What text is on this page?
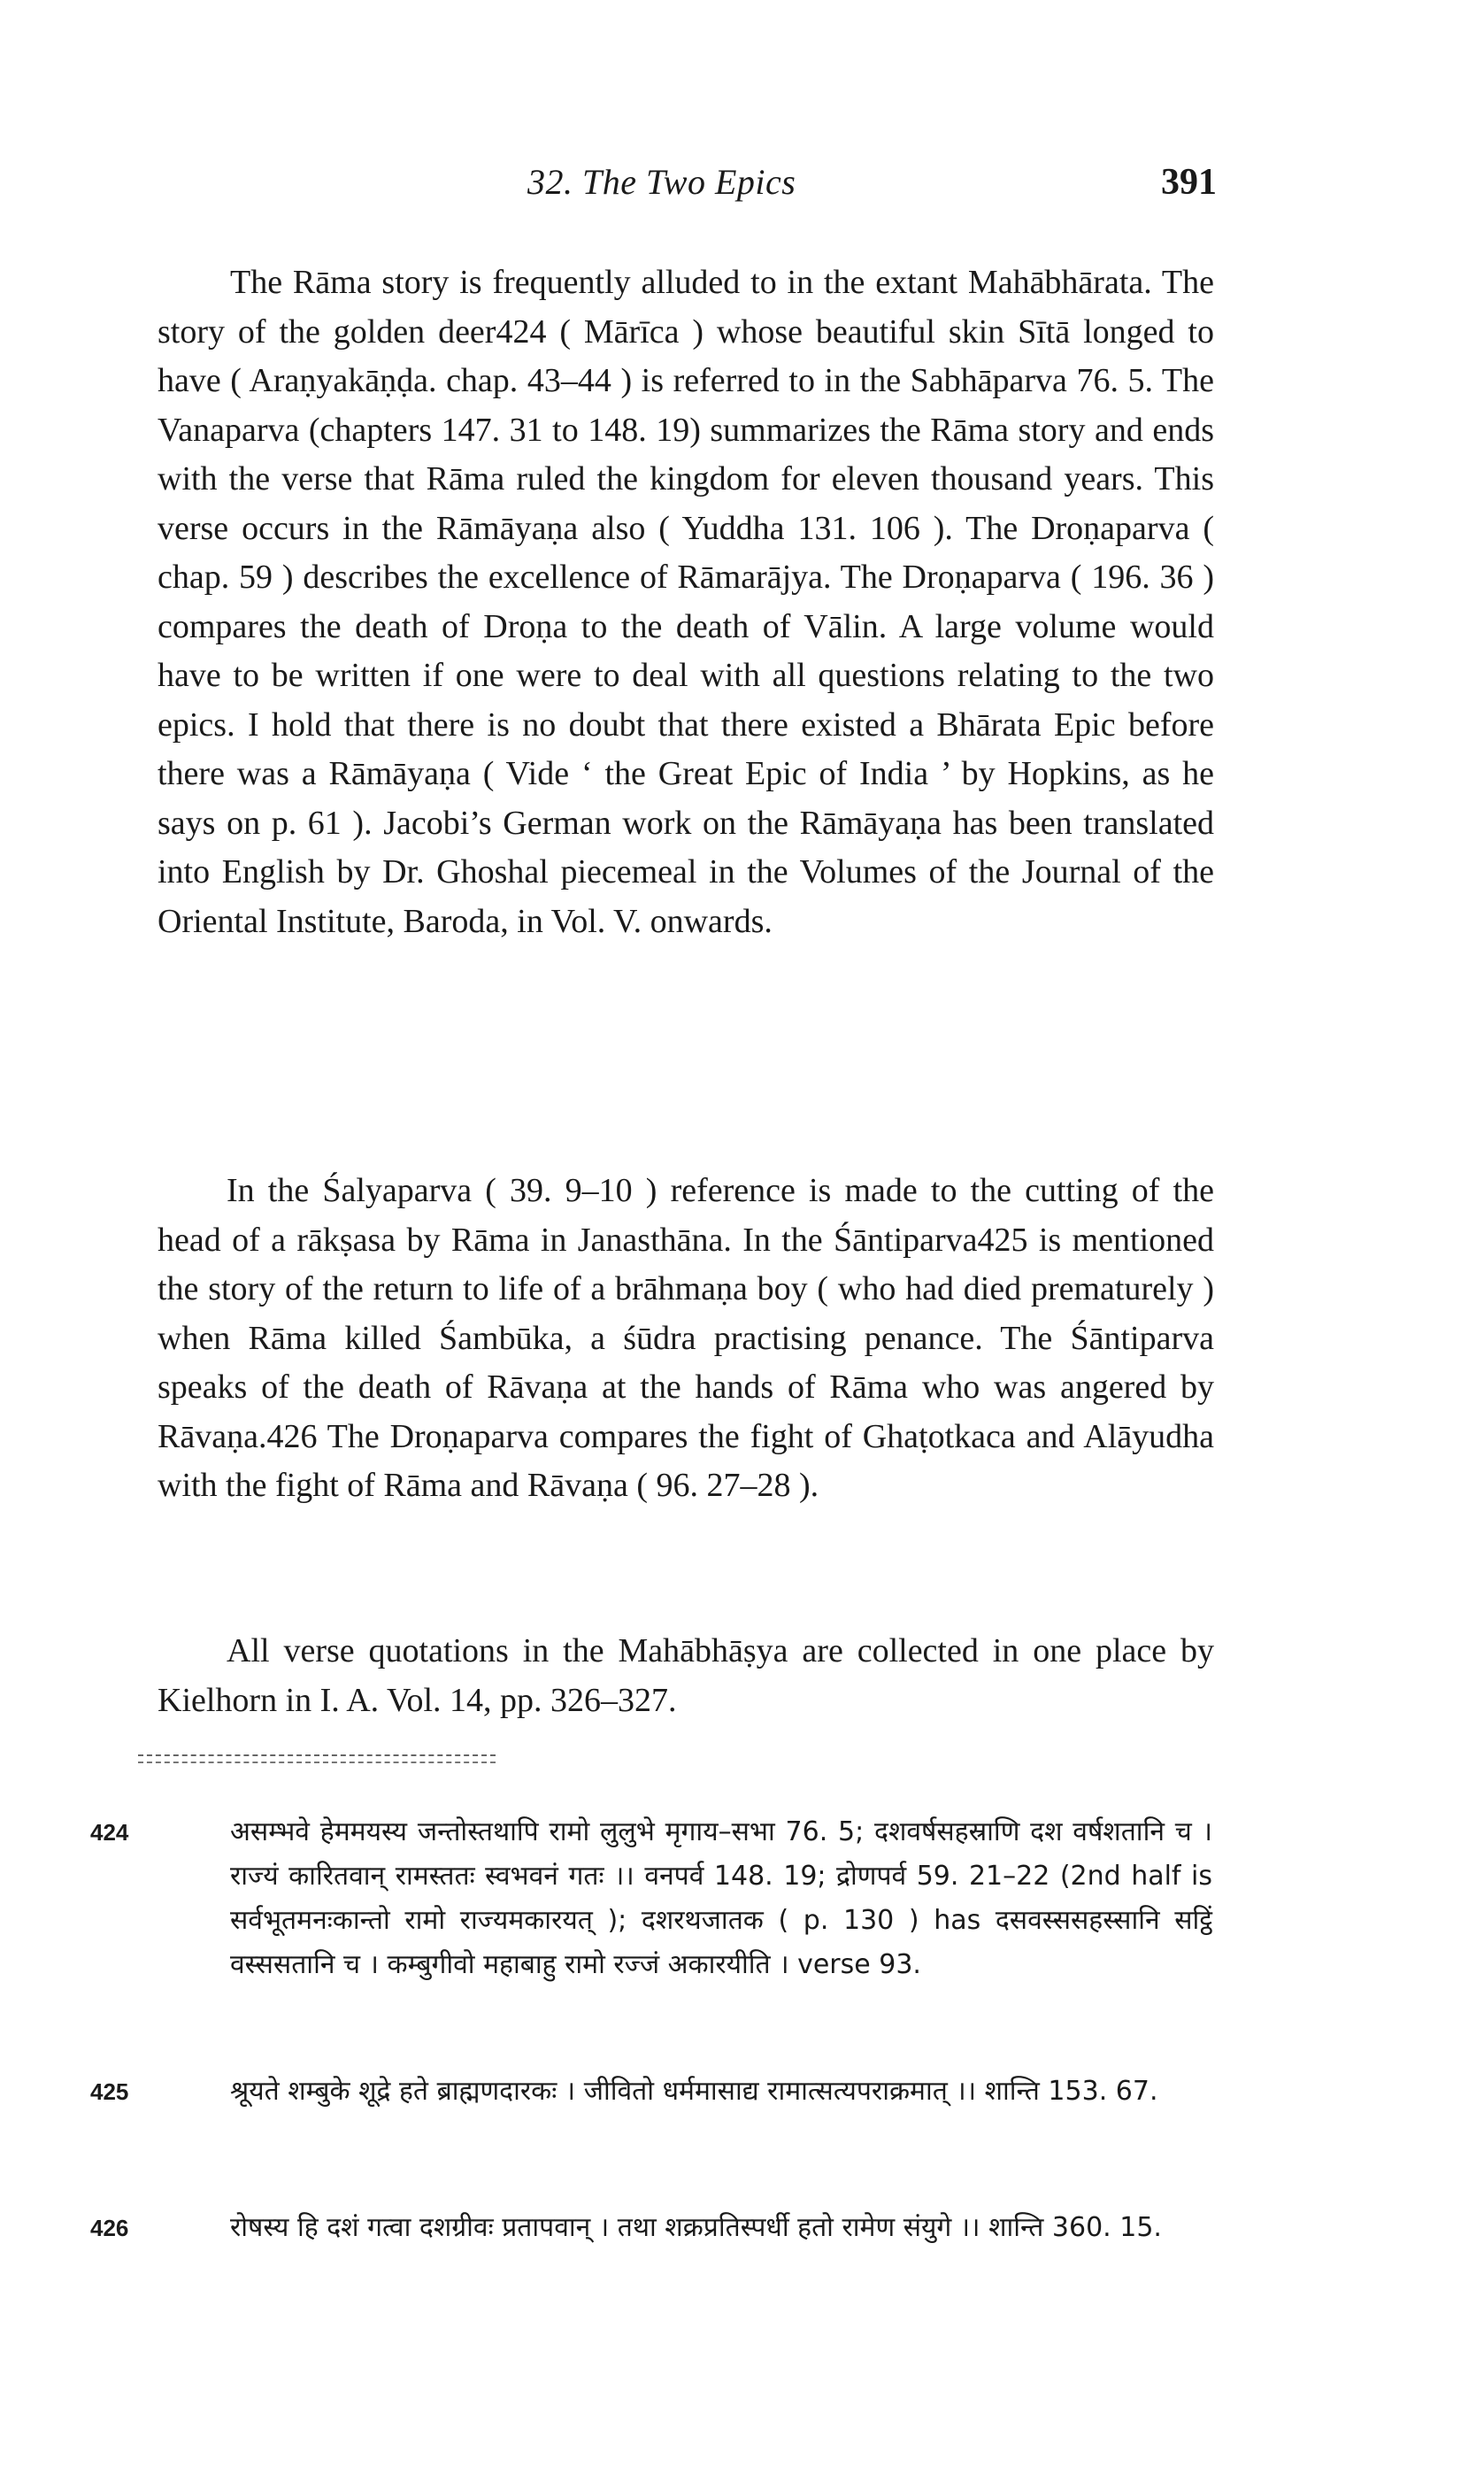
32. The Two Epics	391

The Rāma story is frequently alluded to in the extant Mahābhārata. The story of the golden deer424 ( Mārīca ) whose beautiful skin Sītā longed to have ( Araṇyakāṇḍa. chap. 43–44 ) is referred to in the Sabhāparva 76. 5. The Vanaparva (chapters 147. 31 to 148. 19) summarizes the Rāma story and ends with the verse that Rāma ruled the kingdom for eleven thousand years. This verse occurs in the Rāmāyaṇa also ( Yuddha 131. 106 ). The Droṇaparva ( chap. 59 ) describes the excellence of Rāmarājya. The Droṇaparva ( 196. 36 ) compares the death of Droṇa to the death of Vālin. A large volume would have to be written if one were to deal with all questions relating to the two epics. I hold that there is no doubt that there existed a Bhārata Epic before there was a Rāmāyaṇa ( Vide ‘ the Great Epic of India ’ by Hopkins, as he says on p. 61 ). Jacobi’s German work on the Rāmāyaṇa has been translated into English by Dr. Ghoshal piecemeal in the Volumes of the Journal of the Oriental Institute, Baroda, in Vol. V. onwards.

In the Śalyaparva ( 39. 9–10 ) reference is made to the cutting of the head of a rākṣasa by Rāma in Janasthāna. In the Śāntiparva425 is mentioned the story of the return to life of a brāhmaṇa boy ( who had died prematurely ) when Rāma killed Śambūka, a śūdra practising penance. The Śāntiparva speaks of the death of Rāvaṇa at the hands of Rāma who was angered by Rāvaṇa.426 The Droṇaparva compares the fight of Ghaṭotkaca and Alāyudha with the fight of Rāma and Rāvaṇa ( 96. 27–28 ).

All verse quotations in the Mahābhāṣya are collected in one place by Kielhorn in I. A. Vol. 14, pp. 326–327.

424	असम्भवे हेममयस्य जन्तोस्तथापि रामो लुलुभे मृगाय–सभा 76. 5; दशवर्षसहस्राणि दश वर्षशतानि च । राज्यं कारितवान् रामस्ततः स्वभवनं गतः ।। वनपर्व 148. 19; द्रोणपर्व 59. 21–22 (2nd half is सर्वभूतमनःकान्तो रामो राज्यमकारयत् ); दशरथजातक ( p. 130 ) has दसवस्ससहस्सानि सट्ठिं वस्ससतानि च । कम्बुगीवो महाबाहु रामो रज्जं अकारयीति । verse 93.
425	श्रूयते शम्बुके शूद्रे हते ब्राह्मणदारकः । जीवितो धर्ममासाद्य रामात्सत्यपराक्रमात् ।। शान्ति 153. 67.
426	रोषस्य हि दशं गत्वा दशग्रीवः प्रतापवान् । तथा शक्रप्रतिस्पर्धी हतो रामेण संयुगे ।। शान्ति 360. 15.
